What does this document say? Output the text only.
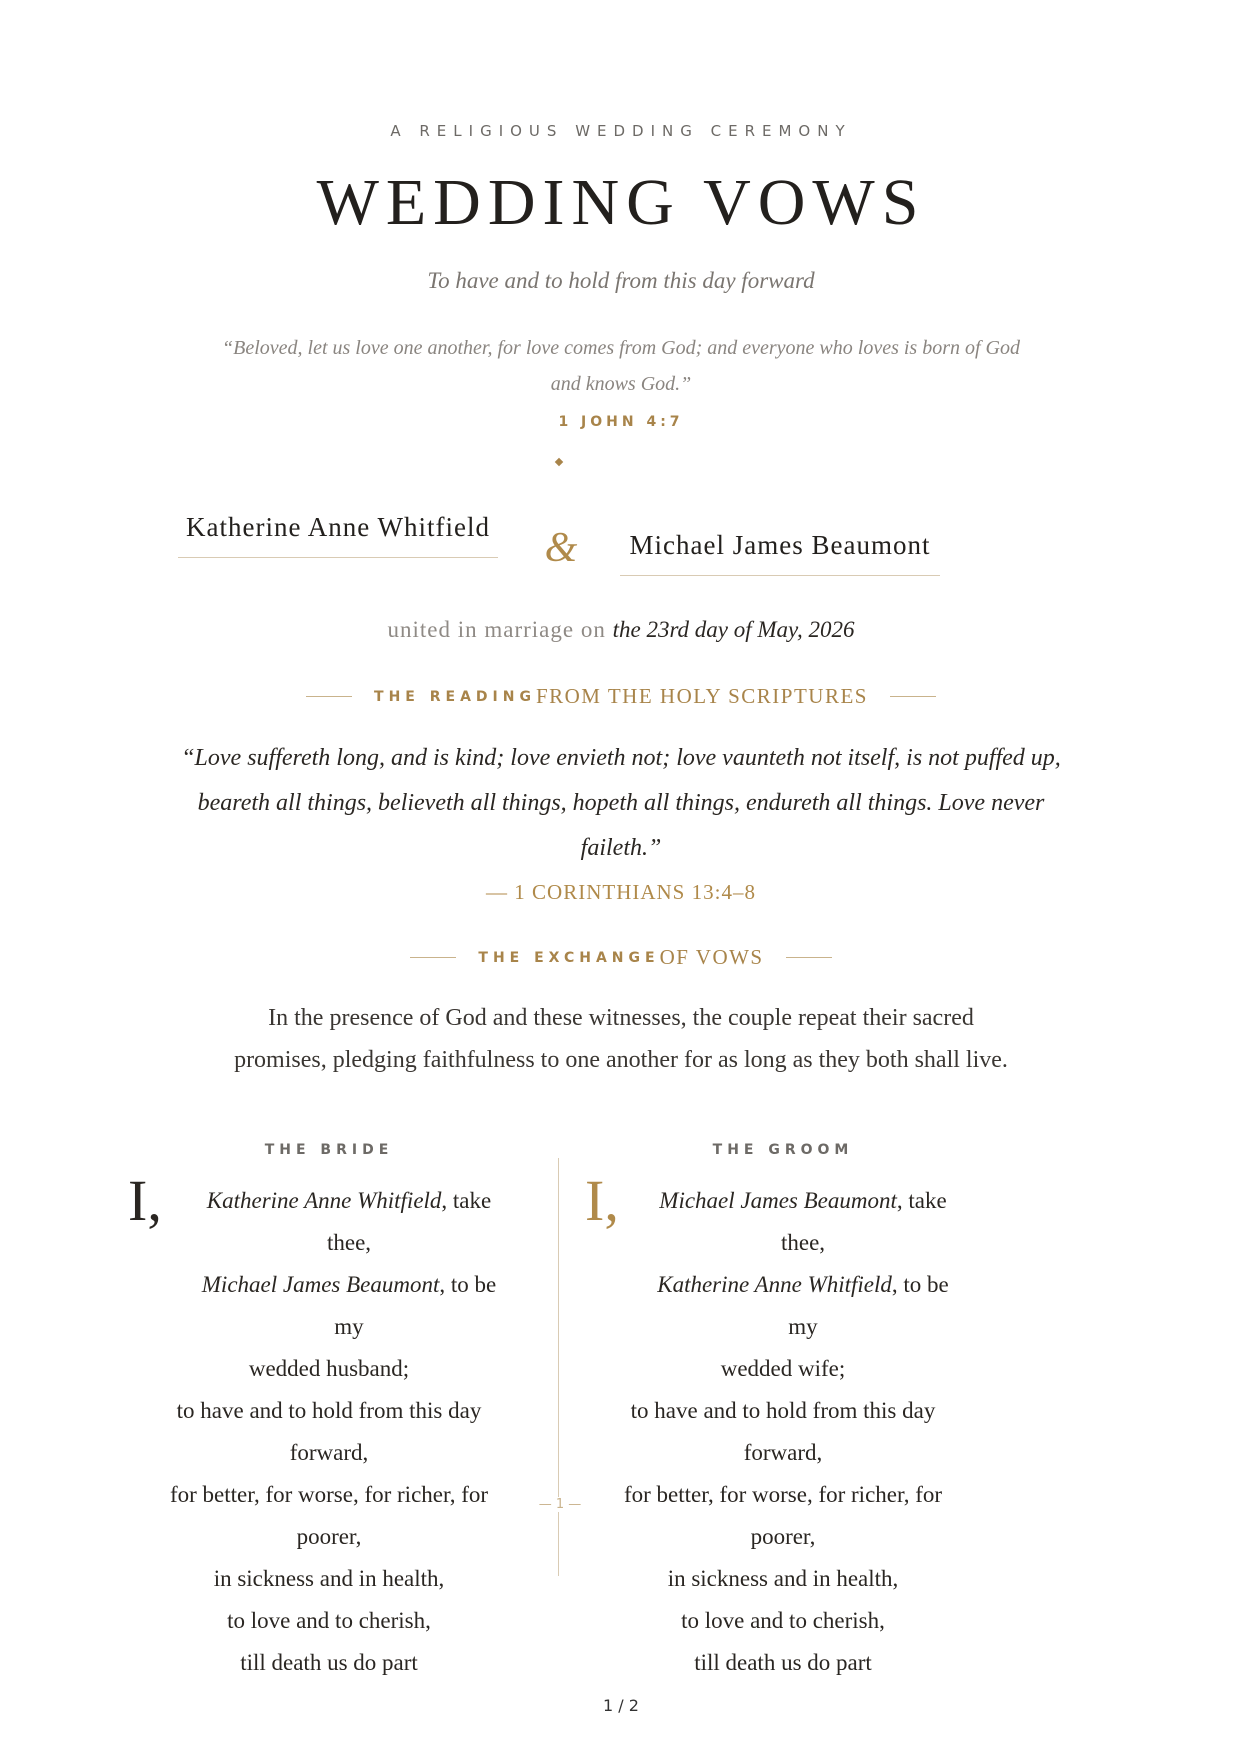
A RELIGIOUS WEDDING CEREMONY
WEDDING VOWS
To have and to hold from this day forward
“Beloved, let us love one another, for love comes from God; and everyone who loves is born of God and knows God.”
1 JOHN 4:7
Katherine Anne Whitfield &	Michael James Beaumont
united in marriage on the 23rd day of May, 2026
THE READING FROM THE HOLY SCRIPTURES
“Love suffereth long, and is kind; love envieth not; love vaunteth not itself, is not puffed up, beareth all things, believeth all things, hopeth all things, endureth all things. Love never faileth.”
— 1 CORINTHIANS 13:4–8
THE EXCHANGE OF VOWS
In the presence of God and these witnesses, the couple repeat their sacred promises, pledging faithfulness to one another for as long as they both shall live.
THE BRIDE	THE GROOM
I,	Katherine Anne Whitfield, take thee,
Michael James Beaumont, to be my
wedded husband;
to have and to hold from this day forward,
for better, for worse, for richer, for poorer,
in sickness and in health,
to love and to cherish,
till death us do part
I,	Michael James Beaumont, take thee,
Katherine Anne Whitfield, to be my
wedded wife;
to have and to hold from this day forward,
for better, for worse, for richer, for poorer,
in sickness and in health,
to love and to cherish,
till death us do part
— 1 —
1 / 2
